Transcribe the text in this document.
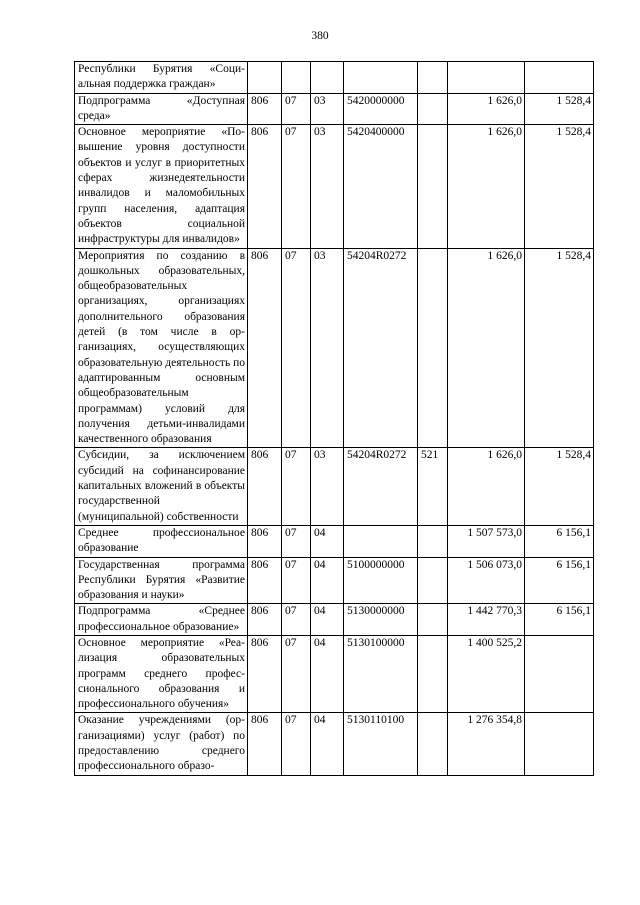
380
Республики Бурятия «Социальная поддержка граждан»							
Подпрограмма «Доступная среда»	806	07	03	5420000000		1 626,0	1 528,4
Основное мероприятие «Повышение уровня доступности объектов и услуг в приоритетных сферах жизнедеятельности инвалидов и маломобильных групп населения, адаптация объектов социальной инфраструктуры для инвалидов»	806	07	03	5420400000		1 626,0	1 528,4
Мероприятия по созданию в дошкольных образовательных, общеобразовательных организациях, организациях дополнительного образования детей (в том числе в организациях, осуществляющих образовательную деятельность по адаптированным основным общеобразовательным программам) условий для получения детьми-инвалидами качественного образования	806	07	03	54204R0272		1 626,0	1 528,4
Субсидии, за исключением субсидий на софинансирование капитальных вложений в объекты государственной (муниципальной) собственности	806	07	03	54204R0272	521	1 626,0	1 528,4
Среднее профессиональное образование	806	07	04			1 507 573,0	6 156,1
Государственная программа Республики Бурятия «Развитие образования и науки»	806	07	04	5100000000		1 506 073,0	6 156,1
Подпрограмма «Среднее профессиональное образование»	806	07	04	5130000000		1 442 770,3	6 156,1
Основное мероприятие «Реализация образовательных программ среднего профессионального образования и профессионального обучения»	806	07	04	5130100000		1 400 525,2	
Оказание учреждениями (организациями) услуг (работ) по предоставлению среднего профессионального образо-	806	07	04	5130110100		1 276 354,8	
